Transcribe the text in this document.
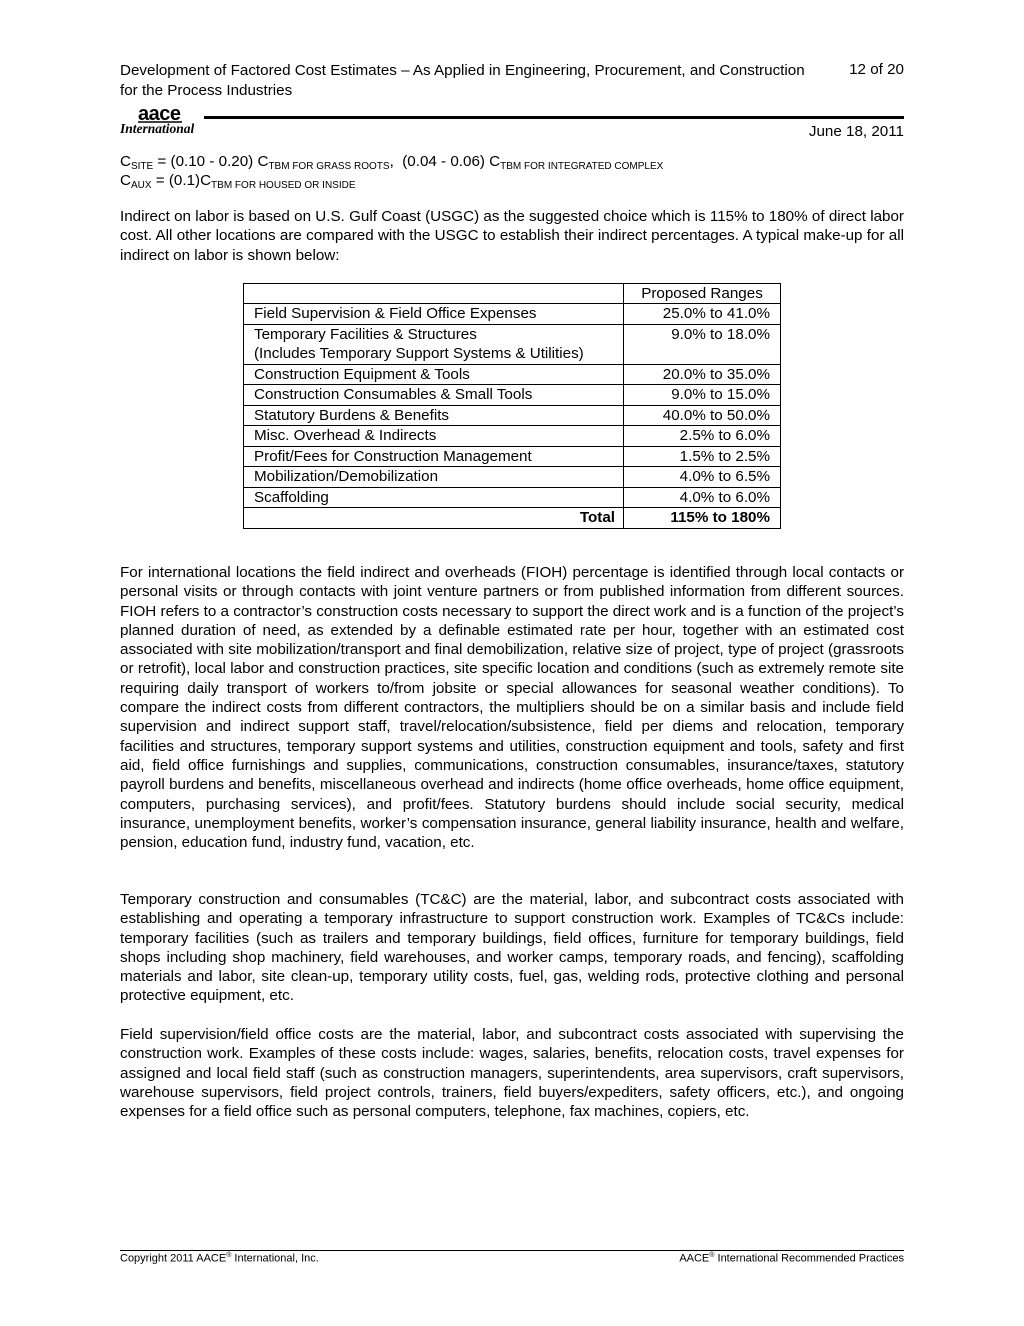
Development of Factored Cost Estimates – As Applied in Engineering, Procurement, and Construction for the Process Industries
12 of 20
aace
International	June 18, 2011
$C_{SITE} = (0.10 - 0.20)$ $C_{TBM FOR GRASS ROOTS}$,  (0.04 - 0.06) $C_{TBM FOR INTEGRATED COMPLEX}$
$C_{AUX} = (0.1)C_{TBM FOR HOUSED OR INSIDE}$
Indirect on labor is based on U.S. Gulf Coast (USGC) as the suggested choice which is 115% to 180% of direct labor cost. All other locations are compared with the USGC to establish their indirect percentages. A typical make-up for all indirect on labor is shown below:
	Proposed Ranges
Field Supervision & Field Office Expenses	25.0% to 41.0%

Temporary Facilities & Structures
(Includes Temporary Support Systems & Utilities)	9.0% to 18.0%
Construction Equipment & Tools	20.0% to 35.0%
Construction Consumables & Small Tools	9.0% to 15.0%
Statutory Burdens & Benefits	40.0% to 50.0%
Misc. Overhead & Indirects	2.5% to 6.0%
Profit/Fees for Construction Management	1.5% to 2.5%
Mobilization/Demobilization	4.0% to 6.5%
Scaffolding	4.0% to 6.0%
Total	115% to 180%
For international locations the field indirect and overheads (FIOH) percentage is identified through local contacts or personal visits or through contacts with joint venture partners or from published information from different sources. FIOH refers to a contractor’s construction costs necessary to support the direct work and is a function of the project’s planned duration of need, as extended by a definable estimated rate per hour, together with an estimated cost associated with site mobilization/transport and final demobilization, relative size of project, type of project (grassroots or retrofit), local labor and construction practices, site specific location and conditions (such as extremely remote site requiring daily transport of workers to/from jobsite or special allowances for seasonal weather conditions). To compare the indirect costs from different contractors, the multipliers should be on a similar basis and include field supervision and indirect support staff, travel/relocation/subsistence, field per diems and relocation, temporary facilities and structures, temporary support systems and utilities, construction equipment and tools, safety and first aid, field office furnishings and supplies, communications, construction consumables, insurance/taxes, statutory payroll burdens and benefits, miscellaneous overhead and indirects (home office overheads, home office equipment, computers, purchasing services), and profit/fees. Statutory burdens should include social security, medical insurance, unemployment benefits, worker’s compensation insurance, general liability insurance, health and welfare, pension, education fund, industry fund, vacation, etc.
Temporary construction and consumables (TC&C) are the material, labor, and subcontract costs associated with establishing and operating a temporary infrastructure to support construction work. Examples of TC&Cs include: temporary facilities (such as trailers and temporary buildings, field offices, furniture for temporary buildings, field shops including shop machinery, field warehouses, and worker camps, temporary roads, and fencing), scaffolding materials and labor, site clean-up, temporary utility costs, fuel, gas, welding rods, protective clothing and personal protective equipment, etc.
Field supervision/field office costs are the material, labor, and subcontract costs associated with supervising the construction work. Examples of these costs include: wages, salaries, benefits, relocation costs, travel expenses for assigned and local field staff (such as construction managers, superintendents, area supervisors, craft supervisors, warehouse supervisors, field project controls, trainers, field buyers/expediters, safety officers, etc.), and ongoing expenses for a field office such as personal computers, telephone, fax machines, copiers, etc.
Copyright 2011 AACE® International, Inc.	AACE® International Recommended Practices
